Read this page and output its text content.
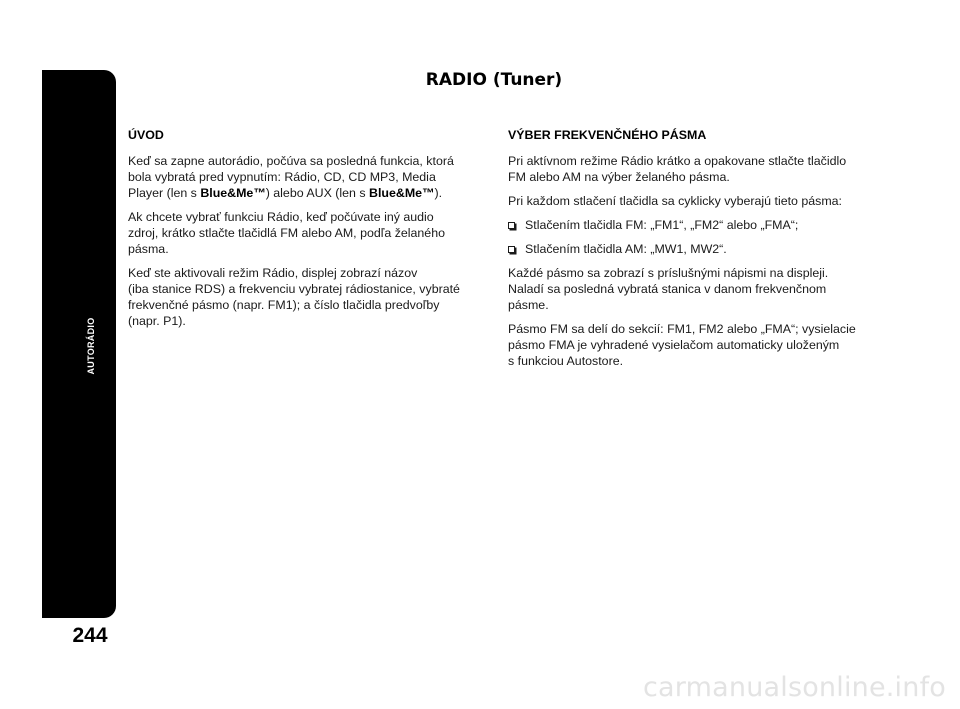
AUTORÁDIO
244
RADIO (Tuner)
ÚVOD

Keď sa zapne autorádio, počúva sa posledná funkcia, ktorá
bola vybratá pred vypnutím: Rádio, CD, CD MP3, Media
Player (len s Blue&Me™) alebo AUX (len s Blue&Me™).

Ak chcete vybrať funkciu Rádio, keď počúvate iný audio
zdroj, krátko stlačte tlačidlá FM alebo AM, podľa želaného
pásma.

Keď ste aktivovali režim Rádio, displej zobrazí názov
(iba stanice RDS) a frekvenciu vybratej rádiostanice, vybraté
frekvenčné pásmo (napr. FM1); a číslo tlačidla predvoľby
(napr. P1).

VÝBER FREKVENČNÉHO PÁSMA

Pri aktívnom režime Rádio krátko a opakovane stlačte tlačidlo
FM alebo AM na výber želaného pásma.

Pri každom stlačení tlačidla sa cyklicky vyberajú tieto pásma:

Stlačením tlačidla FM: „FM1“, „FM2“ alebo „FMA“;
Stlačením tlačidla AM: „MW1, MW2“.

Každé pásmo sa zobrazí s príslušnými nápismi na displeji.
Naladí sa posledná vybratá stanica v danom frekvenčnom
pásme.

Pásmo FM sa delí do sekcií: FM1, FM2 alebo „FMA“; vysielacie
pásmo FMA je vyhradené vysielačom automaticky uloženým
s funkciou Autostore.

carmanualsonline.info
